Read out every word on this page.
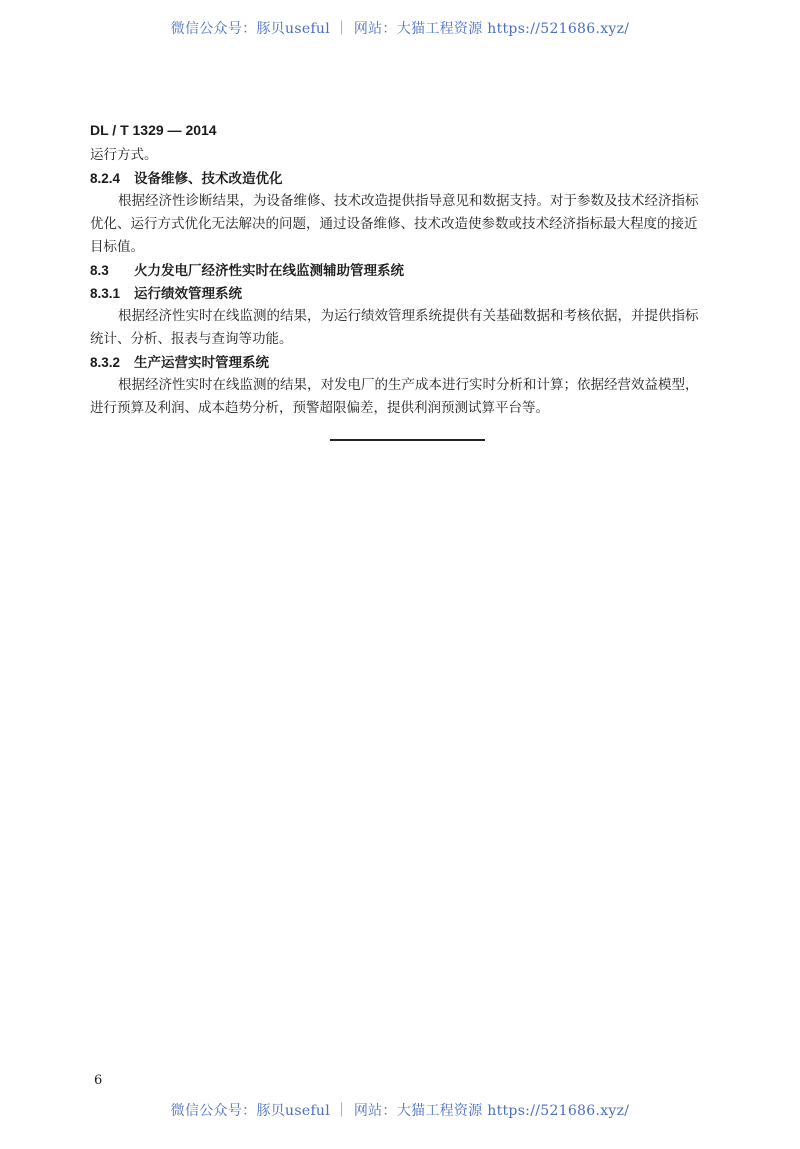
微信公众号：豚贝useful ｜ 网站：大猫工程资源 https://521686.xyz/
DL / T 1329 — 2014

运行方式。

8.2.4 设备维修、技术改造优化

根据经济性诊断结果，为设备维修、技术改造提供指导意见和数据支持。对于参数及技术经济指标

优化、运行方式优化无法解决的问题，通过设备维修、技术改造使参数或技术经济指标最大程度的接近

目标值。

8.3 火力发电厂经济性实时在线监测辅助管理系统

8.3.1 运行绩效管理系统

根据经济性实时在线监测的结果，为运行绩效管理系统提供有关基础数据和考核依据，并提供指标

统计、分析、报表与查询等功能。

8.3.2 生产运营实时管理系统

根据经济性实时在线监测的结果，对发电厂的生产成本进行实时分析和计算；依据经营效益模型，

进行预算及利润、成本趋势分析，预警超限偏差，提供利润预测试算平台等。

6
微信公众号：豚贝useful ｜ 网站：大猫工程资源 https://521686.xyz/
